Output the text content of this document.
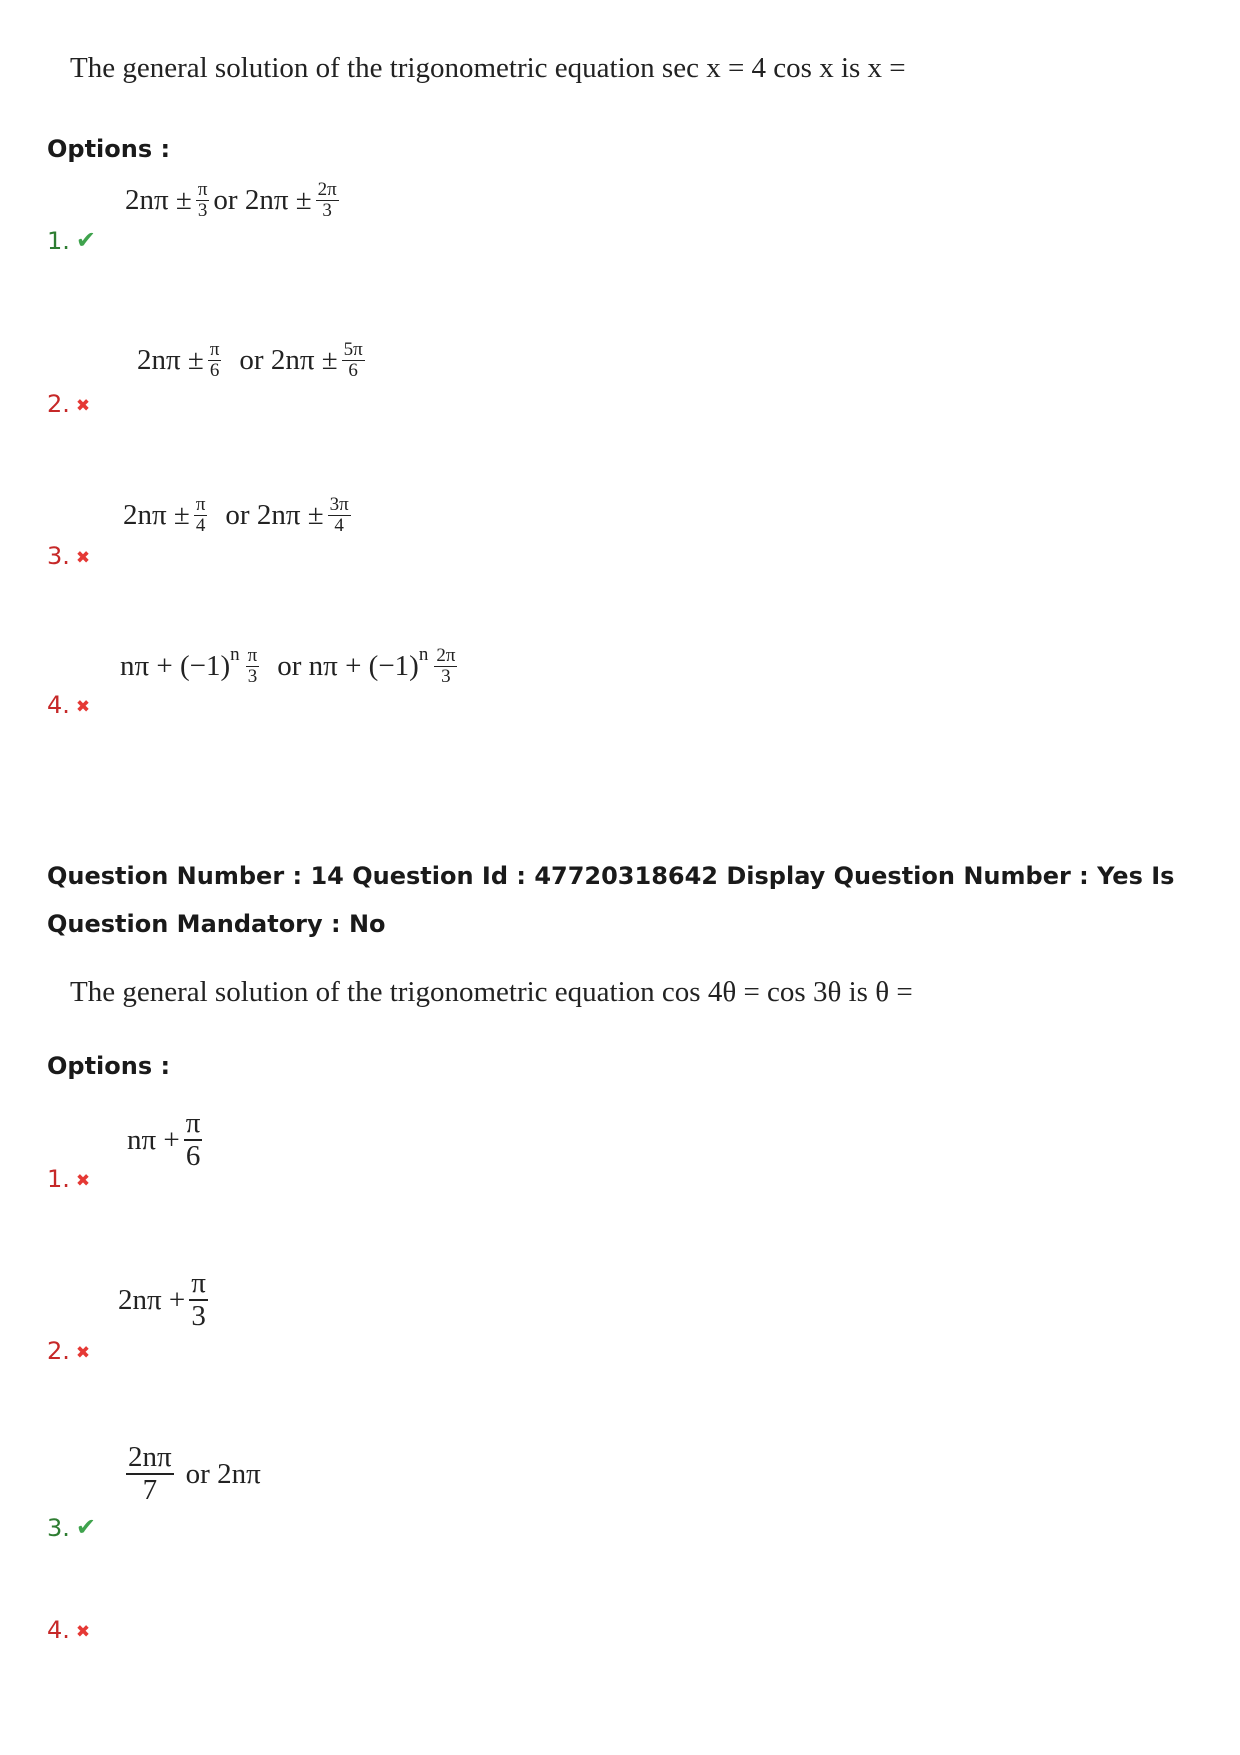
The general solution of the trigonometric equation sec x = 4 cos x is x =
Options :
$2n\pi \pm \frac{\pi}{3}$ or $2n\pi \pm \frac{2\pi}{3}$
1. ✔
$2n\pi \pm \frac{\pi}{6}$ or $2n\pi \pm \frac{5\pi}{6}$
2. ✖
$2n\pi \pm \frac{\pi}{4}$ or $2n\pi \pm \frac{3\pi}{4}$
3. ✖
nπ + (−1) n $\frac{\pi}{3}$ or nπ + (−1) n $\frac{2\pi}{3}$
4. ✖
Question Number : 14 Question Id : 47720318642 Display Question Number : Yes Is Question Mandatory : No
The general solution of the trigonometric equation cos 4θ = cos 3θ is θ =
Options :
$n\pi + \frac{\pi}{6}$
1. ✖
$2n\pi + \frac{\pi}{3}$
2. ✖
$\frac{2n\pi}{7}$ or 2nπ
3. ✔
4. ✖
